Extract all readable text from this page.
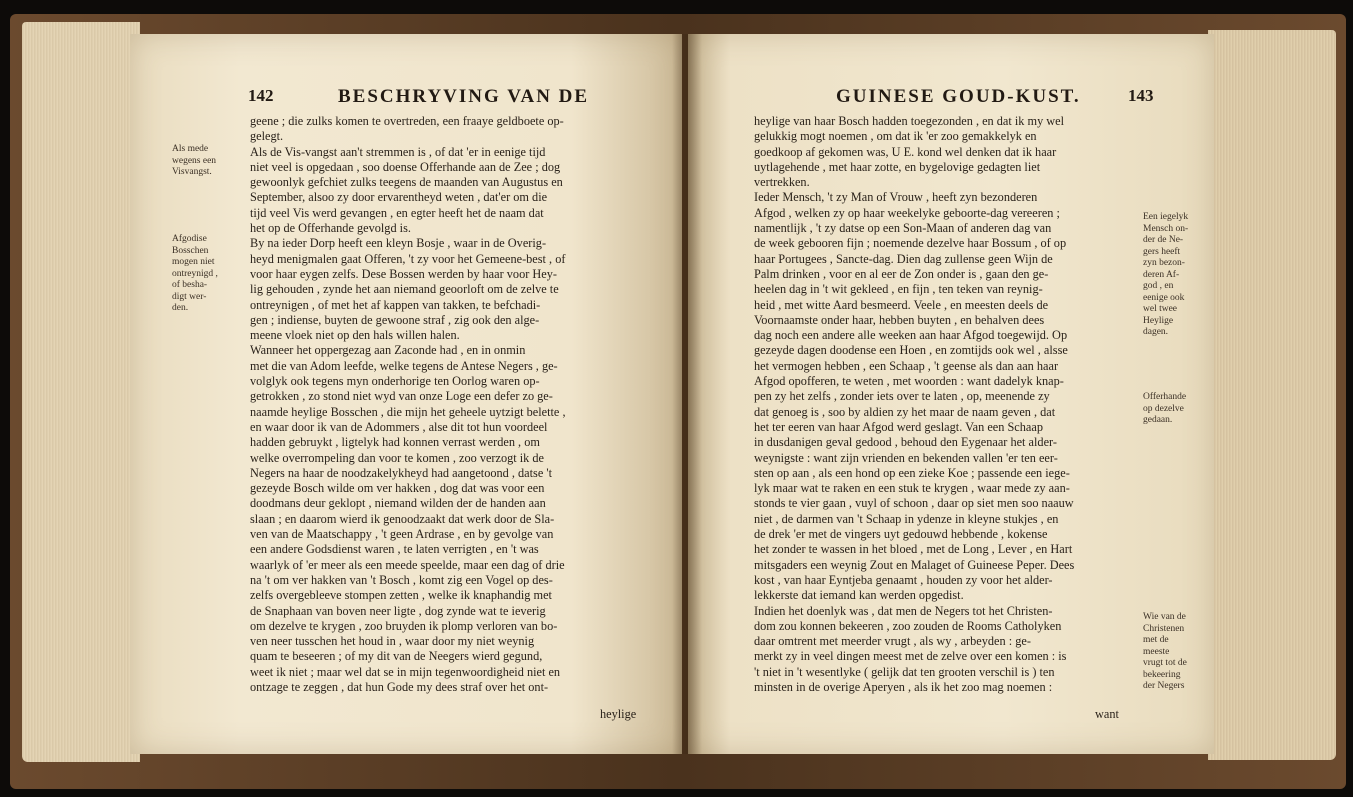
142	BESCHRYVING VAN DE
Als mede
wegens een
Visvangst.
Afgodise
Bosschen
mogen niet
ontreynigd ,
of besha-
digt wer-
den.
geene ; die zulks komen te overtreden, een fraaye geldboete op-
gelegt.
Als de Vis-vangst aan't stremmen is , of dat 'er in eenige tijd
niet veel is opgedaan , soo doense Offerhande aan de Zee ; dog
gewoonlyk gefchiet zulks teegens de maanden van Augustus en
September, alsoo zy door ervarentheyd weten , dat'er om die
tijd veel Vis werd gevangen , en egter heeft het de naam dat
het op de Offerhande gevolgd is.
By na ieder Dorp heeft een kleyn Bosje , waar in de Overig-
heyd menigmalen gaat Offeren, 't zy voor het Gemeene-best , of
voor haar eygen zelfs. Dese Bossen werden by haar voor Hey-
lig gehouden , zynde het aan niemand geoorloft om de zelve te
ontreynigen , of met het af kappen van takken, te befchadi-
gen ; indiense, buyten de gewoone straf , zig ook den alge-
meene vloek niet op den hals willen halen.
Wanneer het oppergezag aan Zaconde had , en in onmin
met die van Adom leefde, welke tegens de Antese Negers , ge-
volglyk ook tegens myn onderhorige ten Oorlog waren op-
getrokken , zo stond niet wyd van onze Loge een defer zo ge-
naamde heylige Bosschen , die mijn het geheele uytzigt belette ,
en waar door ik van de Adommers , alse dit tot hun voordeel
hadden gebruykt , ligtelyk had konnen verrast werden , om
welke overrompeling dan voor te komen , zoo verzogt ik de
Negers na haar de noodzakelykheyd had aangetoond , datse 't
gezeyde Bosch wilde om ver hakken , dog dat was voor een
doodmans deur geklopt , niemand wilden der de handen aan
slaan ; en daarom wierd ik genoodzaakt dat werk door de Sla-
ven van de Maatschappy , 't geen Ardrase , en by gevolge van
een andere Godsdienst waren , te laten verrigten , en 't was
waarlyk of 'er meer als een meede speelde, maar een dag of drie
na 't om ver hakken van 't Bosch , komt zig een Vogel op des-
zelfs overgebleeve stompen zetten , welke ik knaphandig met
de Snaphaan van boven neer ligte , dog zynde wat te ieverig
om dezelve te krygen , zoo bruyden ik plomp verloren van bo-
ven neer tusschen het houd in , waar door my niet weynig
quam te beseeren ; of my dit van de Neegers wierd gegund,
weet ik niet ; maar wel dat se in mijn tegenwoordigheid niet en
ontzage te zeggen , dat hun Gode my dees straf over het ont-
heylige
GUINESE GOUD-KUST.	143
heylige van haar Bosch hadden toegezonden , en dat ik my wel
gelukkig mogt noemen , om dat ik 'er zoo gemakkelyk en
goedkoop af gekomen was, U E. kond wel denken dat ik haar
uytlagehende , met haar zotte, en bygelovige gedagten liet
vertrekken.
Ieder Mensch, 't zy Man of Vrouw , heeft zyn bezonderen
Afgod , welken zy op haar weekelyke geboorte-dag vereeren ;
namentlijk , 't zy datse op een Son-Maan of anderen dag van
de week gebooren fijn ; noemende dezelve haar Bossum , of op
haar Portugees , Sancte-dag. Dien dag zullense geen Wijn de
Palm drinken , voor en al eer de Zon onder is , gaan den ge-
heelen dag in 't wit gekleed , en fijn , ten teken van reynig-
heid , met witte Aard besmeerd. Veele , en meesten deels de
Voornaamste onder haar, hebben buyten , en behalven dees
dag noch een andere alle weeken aan haar Afgod toegewijd. Op
gezeyde dagen doodense een Hoen , en zomtijds ook wel , alsse
het vermogen hebben , een Schaap , 't geense als dan aan haar
Afgod opofferen, te weten , met woorden : want dadelyk knap-
pen zy het zelfs , zonder iets over te laten , op, meenende zy
dat genoeg is , soo by aldien zy het maar de naam geven , dat
het ter eeren van haar Afgod werd geslagt. Van een Schaap
in dusdanigen geval gedood , behoud den Eygenaar het alder-
weynigste : want zijn vrienden en bekenden vallen 'er ten eer-
sten op aan , als een hond op een zieke Koe ; passende een iege-
lyk maar wat te raken en een stuk te krygen , waar mede zy aan-
stonds te vier gaan , vuyl of schoon , daar op siet men soo naauw
niet , de darmen van 't Schaap in ydenze in kleyne stukjes , en
de drek 'er met de vingers uyt gedouwd hebbende , kokense
het zonder te wassen in het bloed , met de Long , Lever , en Hart
mitsgaders een weynig Zout en Malaget of Guineese Peper. Dees
kost , van haar Eyntjeba genaamt , houden zy voor het alder-
lekkerste dat iemand kan werden opgedist.
Indien het doenlyk was , dat men de Negers tot het Christen-
dom zou konnen bekeeren , zoo zouden de Rooms Catholyken
daar omtrent met meerder vrugt , als wy , arbeyden : ge-
merkt zy in veel dingen meest met de zelve over een komen : is
't niet in 't wesentlyke ( gelijk dat ten grooten verschil is ) ten
minsten in de overige Aperyen , als ik het zoo mag noemen :
Een iegelyk
Mensch on-
der de Ne-
gers heeft
zyn bezon-
deren Af-
god , en
eenige ook
wel twee
Heylige
dagen.
Offerhande
op dezelve
gedaan.
Wie van de
Christenen
met de
meeste
vrugt tot de
bekeering
der Negers
want
